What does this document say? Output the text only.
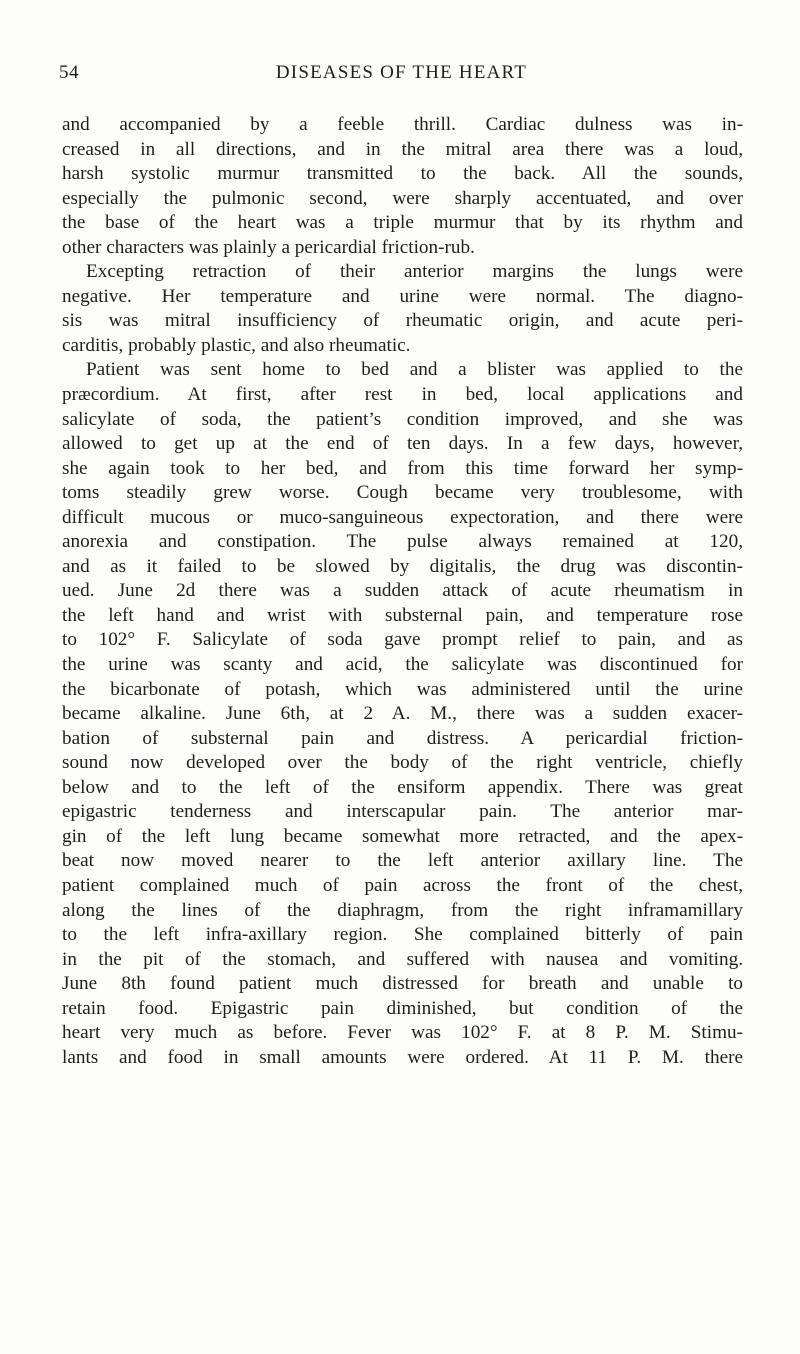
54	DISEASES OF THE HEART
and accompanied by a feeble thrill. Cardiac dulness was in-
creased in all directions, and in the mitral area there was a loud,
harsh systolic murmur transmitted to the back. All the sounds,
especially the pulmonic second, were sharply accentuated, and over
the base of the heart was a triple murmur that by its rhythm and
other characters was plainly a pericardial friction-rub.
Excepting retraction of their anterior margins the lungs were
negative. Her temperature and urine were normal. The diagno-
sis was mitral insufficiency of rheumatic origin, and acute peri-
carditis, probably plastic, and also rheumatic.
Patient was sent home to bed and a blister was applied to the
præcordium. At first, after rest in bed, local applications and
salicylate of soda, the patient’s condition improved, and she was
allowed to get up at the end of ten days. In a few days, however,
she again took to her bed, and from this time forward her symp-
toms steadily grew worse. Cough became very troublesome, with
difficult mucous or muco-sanguineous expectoration, and there were
anorexia and constipation. The pulse always remained at 120,
and as it failed to be slowed by digitalis, the drug was discontin-
ued. June 2d there was a sudden attack of acute rheumatism in
the left hand and wrist with substernal pain, and temperature rose
to 102° F. Salicylate of soda gave prompt relief to pain, and as
the urine was scanty and acid, the salicylate was discontinued for
the bicarbonate of potash, which was administered until the urine
became alkaline. June 6th, at 2 A. M., there was a sudden exacer-
bation of substernal pain and distress. A pericardial friction-
sound now developed over the body of the right ventricle, chiefly
below and to the left of the ensiform appendix. There was great
epigastric tenderness and interscapular pain. The anterior mar-
gin of the left lung became somewhat more retracted, and the apex-
beat now moved nearer to the left anterior axillary line. The
patient complained much of pain across the front of the chest,
along the lines of the diaphragm, from the right inframamillary
to the left infra-axillary region. She complained bitterly of pain
in the pit of the stomach, and suffered with nausea and vomiting.
June 8th found patient much distressed for breath and unable to
retain food. Epigastric pain diminished, but condition of the
heart very much as before. Fever was 102° F. at 8 P. M. Stimu-
lants and food in small amounts were ordered. At 11 P. M. there
